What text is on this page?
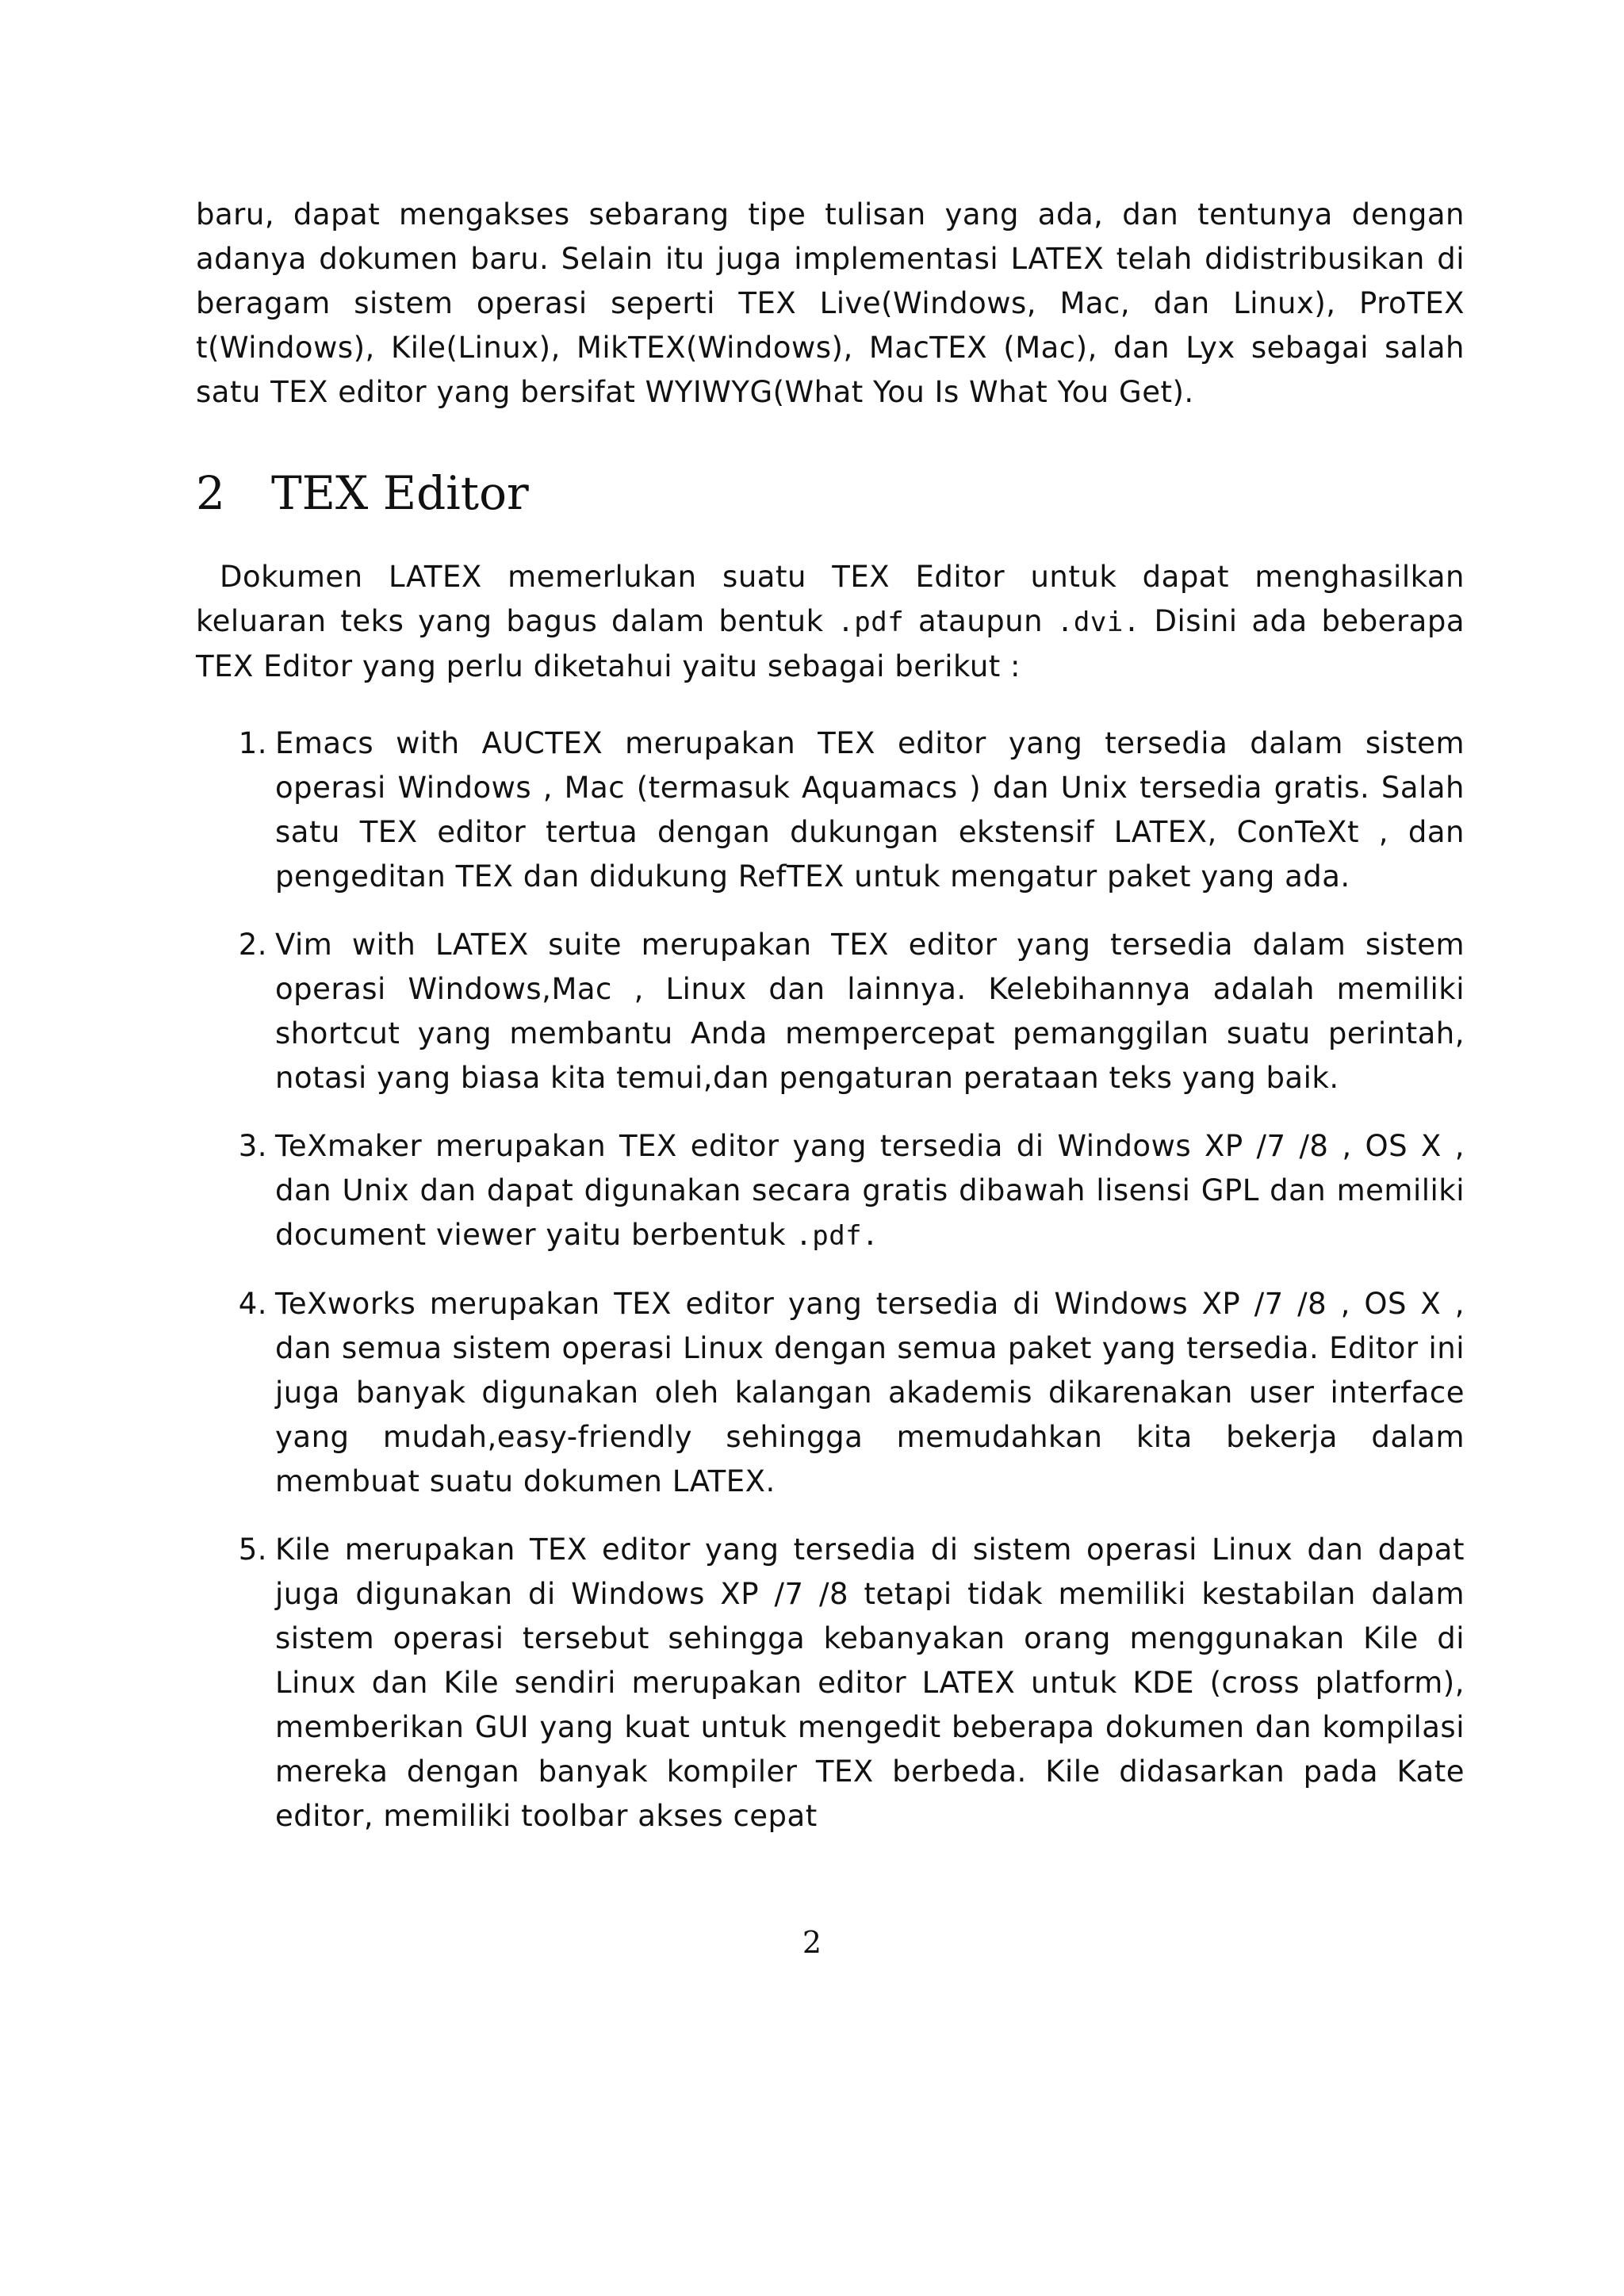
baru, dapat mengakses sebarang tipe tulisan yang ada, dan tentunya dengan adanya dokumen baru. Selain itu juga implementasi LATEX telah didistribusikan di beragam sistem operasi seperti TEX Live(Windows, Mac, dan Linux), ProTEX t(Windows), Kile(Linux), MikTEX(Windows), MacTEX (Mac), dan Lyx sebagai salah satu TEX editor yang bersifat WYIWYG(What You Is What You Get).

2 TEX Editor

Dokumen LATEX memerlukan suatu TEX Editor untuk dapat menghasilkan keluaran teks yang bagus dalam bentuk .pdf ataupun .dvi. Disini ada beberapa TEX Editor yang perlu diketahui yaitu sebagai berikut :

1. Emacs with AUCTEX merupakan TEX editor yang tersedia dalam sistem operasi Windows , Mac (termasuk Aquamacs ) dan Unix tersedia gratis. Salah satu TEX editor tertua dengan dukungan ekstensif LATEX, ConTeXt , dan pengeditan TEX dan didukung RefTEX untuk mengatur paket yang ada.
2. Vim with LATEX suite merupakan TEX editor yang tersedia dalam sistem operasi Windows,Mac , Linux dan lainnya. Kelebihannya adalah memiliki shortcut yang membantu Anda mempercepat pemanggilan suatu perintah, notasi yang biasa kita temui,dan pengaturan perataan teks yang baik.
3. TeXmaker merupakan TEX editor yang tersedia di Windows XP /7 /8 , OS X , dan Unix dan dapat digunakan secara gratis dibawah lisensi GPL dan memiliki document viewer yaitu berbentuk .pdf.
4. TeXworks merupakan TEX editor yang tersedia di Windows XP /7 /8 , OS X , dan semua sistem operasi Linux dengan semua paket yang tersedia. Editor ini juga banyak digunakan oleh kalangan akademis dikarenakan user interface yang mudah,easy-friendly sehingga memudahkan kita bekerja dalam membuat suatu dokumen LATEX.
5. Kile merupakan TEX editor yang tersedia di sistem operasi Linux dan dapat juga digunakan di Windows XP /7 /8 tetapi tidak memiliki kestabilan dalam sistem operasi tersebut sehingga kebanyakan orang menggunakan Kile di Linux dan Kile sendiri merupakan editor LATEX untuk KDE (cross platform), memberikan GUI yang kuat untuk mengedit beberapa dokumen dan kompilasi mereka dengan banyak kompiler TEX berbeda. Kile didasarkan pada Kate editor, memiliki toolbar akses cepat
2
